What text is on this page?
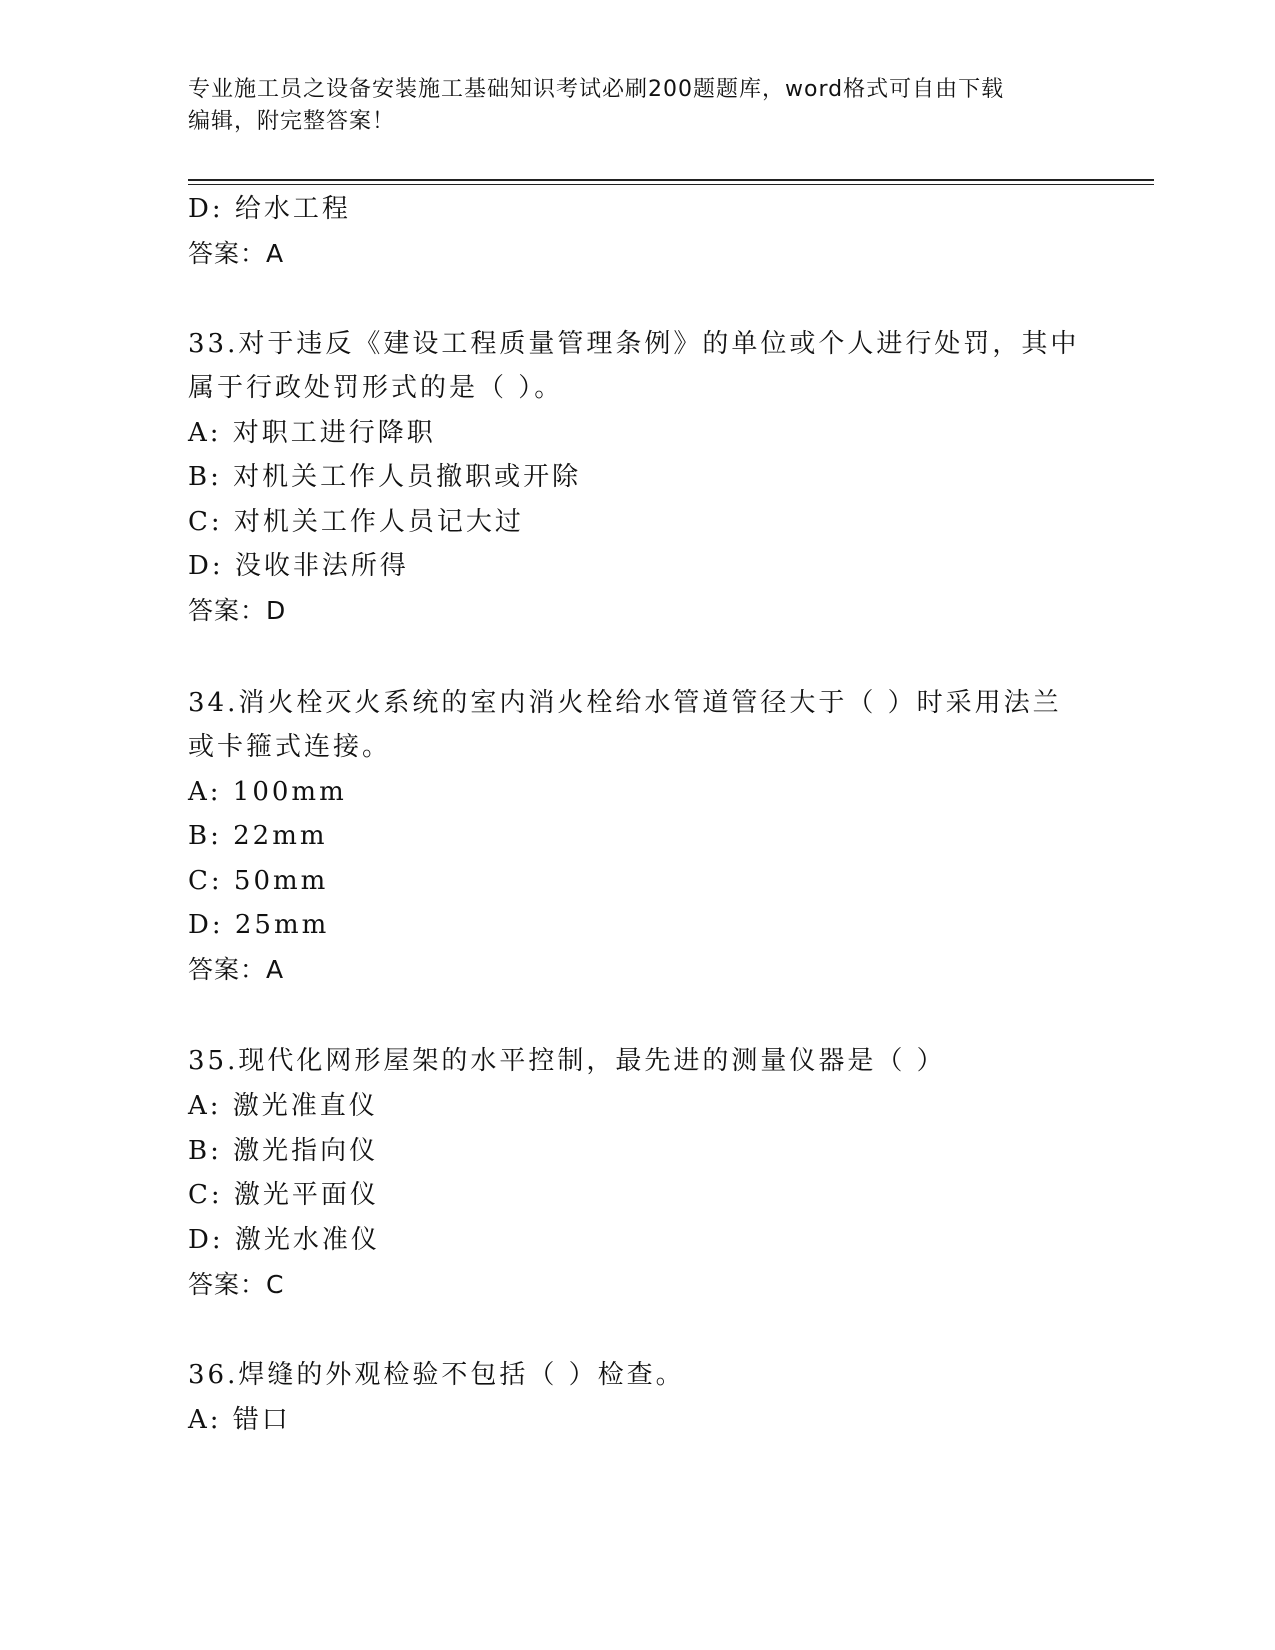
专业施工员之设备安装施工基础知识考试必刷200题题库，word格式可自由下载
编辑，附完整答案！
D: 给水工程
答案：A
33.对于违反《建设工程质量管理条例》的单位或个人进行处罚，其中
属于行政处罚形式的是（ ）。
A: 对职工进行降职
B: 对机关工作人员撤职或开除
C: 对机关工作人员记大过
D: 没收非法所得
答案：D
34.消火栓灭火系统的室内消火栓给水管道管径大于（ ）时采用法兰
或卡箍式连接。
A: 100mm
B: 22mm
C: 50mm
D: 25mm
答案：A
35.现代化网形屋架的水平控制，最先进的测量仪器是（ ）
A: 激光准直仪
B: 激光指向仪
C: 激光平面仪
D: 激光水准仪
答案：C
36.焊缝的外观检验不包括（ ）检查。
A: 错口
